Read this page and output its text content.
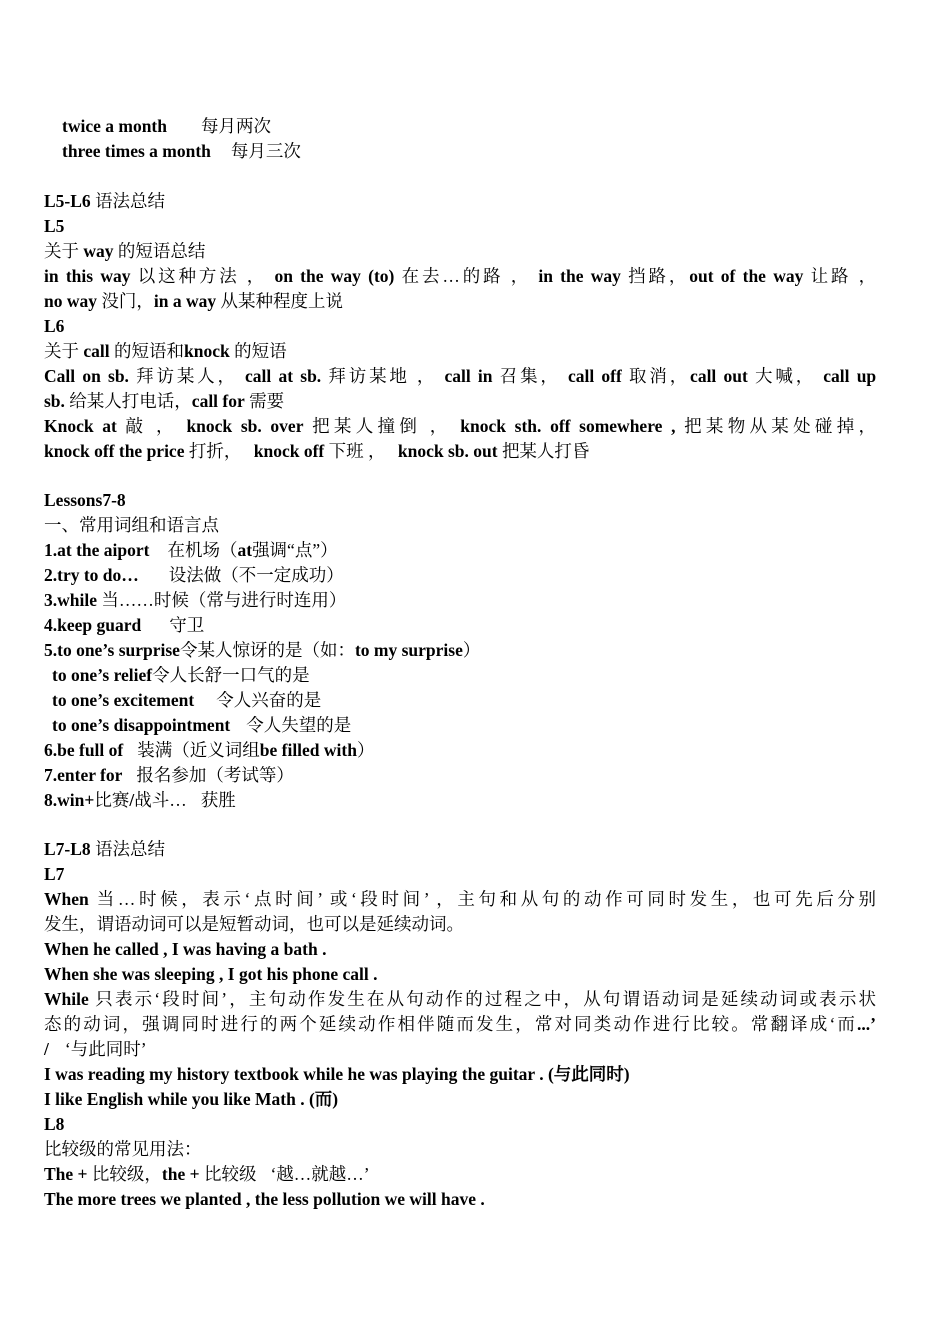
twice a month 每月两次
three times a month 每月三次
L5-L6 语法总结
L5
关于 way 的短语总结
in this way 以这种方法 ， on the way (to) 在去…的路 ， in the way 挡路，out of the way 让路 ，
no way 没门，in a way 从某种程度上说
L6
关于 call 的短语和knock 的短语
Call on sb. 拜访某人， call at sb. 拜访某地 ， call in 召集， call off 取消，call out 大喊， call up
sb. 给某人打电话，call for 需要
Knock at 敲 ， knock sb. over 把某人撞倒 ， knock sth. off somewhere , 把某物从某处碰掉，
knock off the price 打折， knock off 下班 ， knock sb. out 把某人打昏
Lessons7-8
一、常用词组和语言点
1.at the aiport 在机场（at强调“点”）
2.try to do… 设法做（不一定成功）
3.while 当……时候（常与进行时连用）
4.keep guard 守卫
5.to one’s surprise令某人惊讶的是（如：to my surprise）
to one’s relief令人长舒一口气的是
to one’s excitement 令人兴奋的是
to one’s disappointment 令人失望的是
6.be full of 装满（近义词组be filled with）
7.enter for 报名参加（考试等）
8.win+比赛/战斗… 获胜
L7-L8 语法总结
L7
When 当…时候，表示‘点时间’ 或‘段时间’ ，主句和从句的动作可同时发生，也可先后分别
发生，谓语动词可以是短暂动词，也可以是延续动词。
When he called , I was having a bath .
When she was sleeping , I got his phone call .
While 只表示‘段时间’，主句动作发生在从句动作的过程之中，从句谓语动词是延续动词或表示状
态的动词，强调同时进行的两个延续动作相伴随而发生，常对同类动作进行比较。常翻译成‘而...’
/ ‘与此同时’
I was reading my history textbook while he was playing the guitar . (与此同时)
I like English while you like Math . (而)
L8
比较级的常见用法：
The + 比较级，the + 比较级 ‘越…就越…’
The more trees we planted , the less pollution we will have .
